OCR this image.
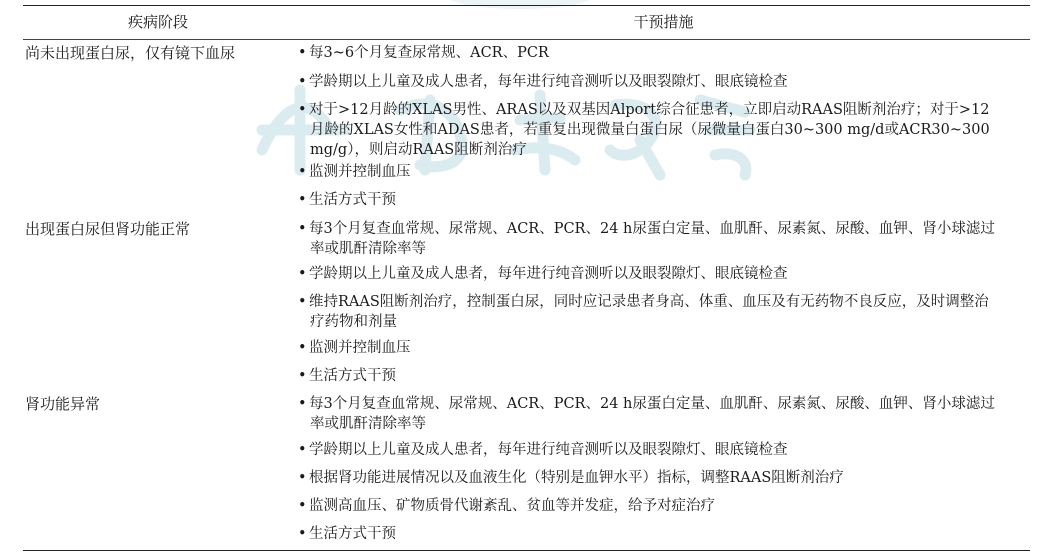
疾病阶段	干预措施
尚未出现蛋白尿，仅有镜下血尿	• 每3~6个月复查尿常规、ACR、PCR
• 学龄期以上儿童及成人患者，每年进行纯音测听以及眼裂隙灯、眼底镜检查
• 对于>12月龄的XLAS男性、ARAS以及双基因Alport综合征患者，立即启动RAAS阻断剂治疗；对于>12月龄的XLAS女性和ADAS患者，若重复出现微量白蛋白尿（尿微量白蛋白30~300 mg/d或ACR30~300 mg/g），则启动RAAS阻断剂治疗
• 监测并控制血压
• 生活方式干预
出现蛋白尿但肾功能正常	• 每3个月复查血常规、尿常规、ACR、PCR、24 h尿蛋白定量、血肌酐、尿素氮、尿酸、血钾、肾小球滤过率或肌酐清除率等
• 学龄期以上儿童及成人患者，每年进行纯音测听以及眼裂隙灯、眼底镜检查
• 维持RAAS阻断剂治疗，控制蛋白尿，同时应记录患者身高、体重、血压及有无药物不良反应，及时调整治疗药物和剂量
• 监测并控制血压
• 生活方式干预
肾功能异常	• 每3个月复查血常规、尿常规、ACR、PCR、24 h尿蛋白定量、血肌酐、尿素氮、尿酸、血钾、肾小球滤过率或肌酐清除率等
• 学龄期以上儿童及成人患者，每年进行纯音测听以及眼裂隙灯、眼底镜检查
• 根据肾功能进展情况以及血液生化（特别是血钾水平）指标，调整RAAS阻断剂治疗
• 监测高血压、矿物质骨代谢紊乱、贫血等并发症，给予对症治疗
• 生活方式干预
